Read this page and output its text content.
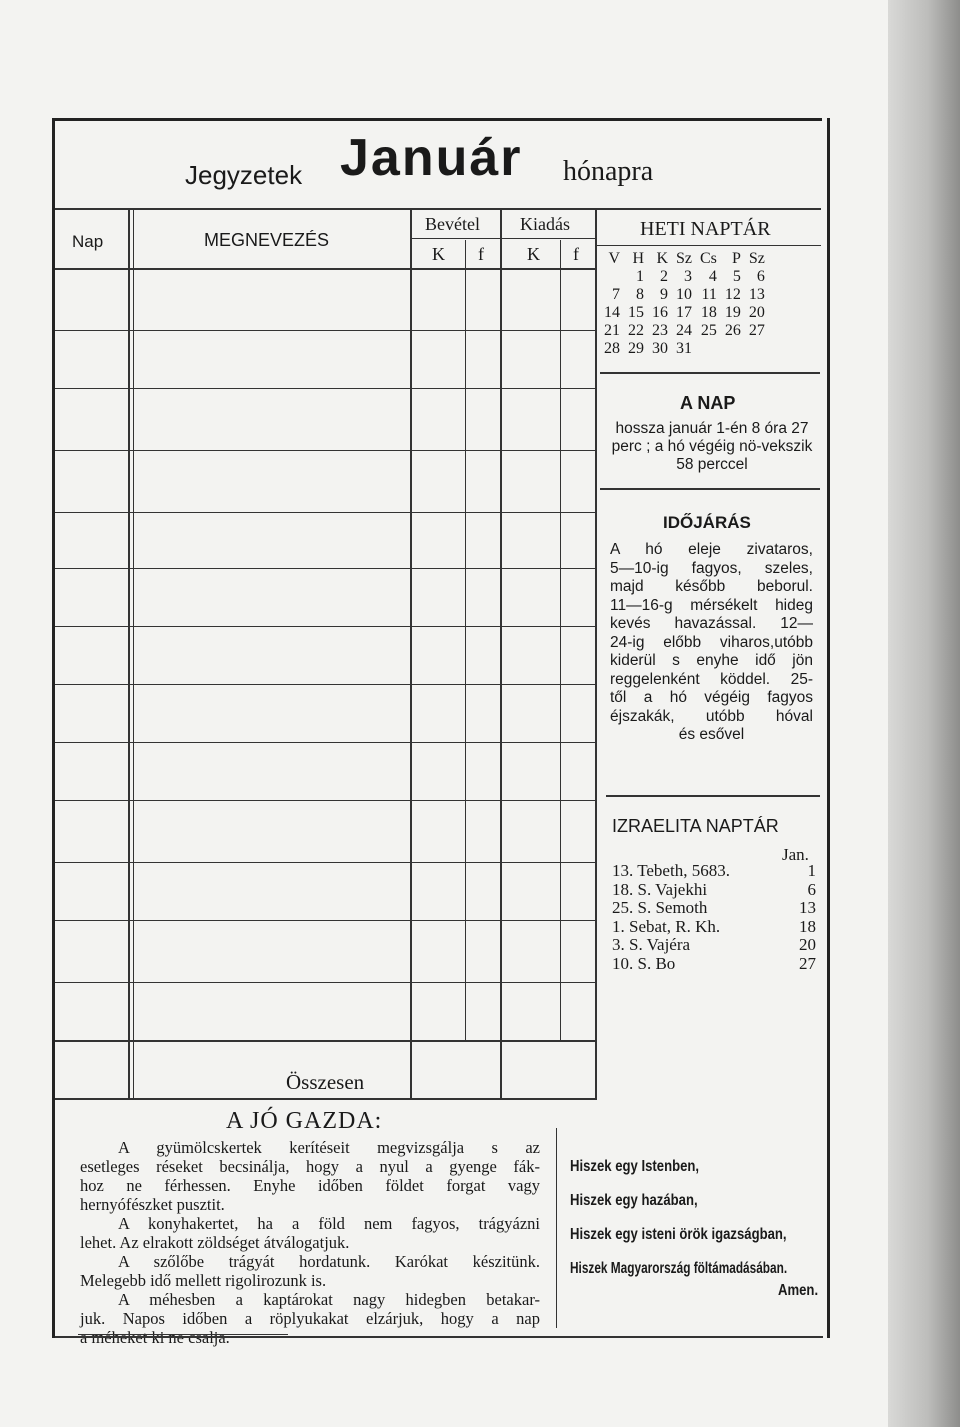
Jegyzetek Január hónapra
Nap	MEGNEVEZÉS
Bevétel Kiadás
K f K f
Összesen
HETI NAPTÁR
V	H	K	Sz	Cs	P	Sz
	1	2	3	4	5	6
7	8	9	10	11	12	13
14	15	16	17	18	19	20
21	22	23	24	25	26	27
28	29	30	31			
A NAP
hossza január 1-én 8 óra 27 perc ; a hó végéig nö-vekszik 58 perccel
IDŐJÁRÁS
A hó eleje zivataros,
5—10-ig fagyos, szeles,
majd később beborul.
11—16-g mérsékelt hideg
kevés havazással. 12—
24-ig előbb viharos,utóbb
kiderül s enyhe idő jön
reggelenként köddel. 25-
től a hó végéig fagyos
éjszakák, utóbb hóval
és esővel
IZRAELITA NAPTÁR
Jan.
13. Tebeth, 5683.	1
18. S. Vajekhi	6
25. S. Semoth	13
1. Sebat, R. Kh.	18
3. S. Vajéra	20
10. S. Bo	27
A JÓ GAZDA:
A gyümölcskertek kerítéseit megvizsgálja s az
esetleges réseket becsinálja, hogy a nyul a gyenge fák-
hoz ne férhessen. Enyhe időben földet forgat vagy
hernyófészket pusztit.
A konyhakertet, ha a föld nem fagyos, trágyázni
lehet. Az elrakott zöldséget átválogatjuk.
A szőlőbe trágyát hordatunk. Karókat készitünk.
Melegebb idő mellett rigolirozunk is.
A méhesben a kaptárokat nagy hidegben betakar-
juk. Napos időben a röplyukakat elzárjuk, hogy a nap
Hiszek egy Istenben,
Hiszek egy hazában,
Hiszek egy isteni örök igazságban,
Hiszek Magyarország föltámadásában.
Amen.
